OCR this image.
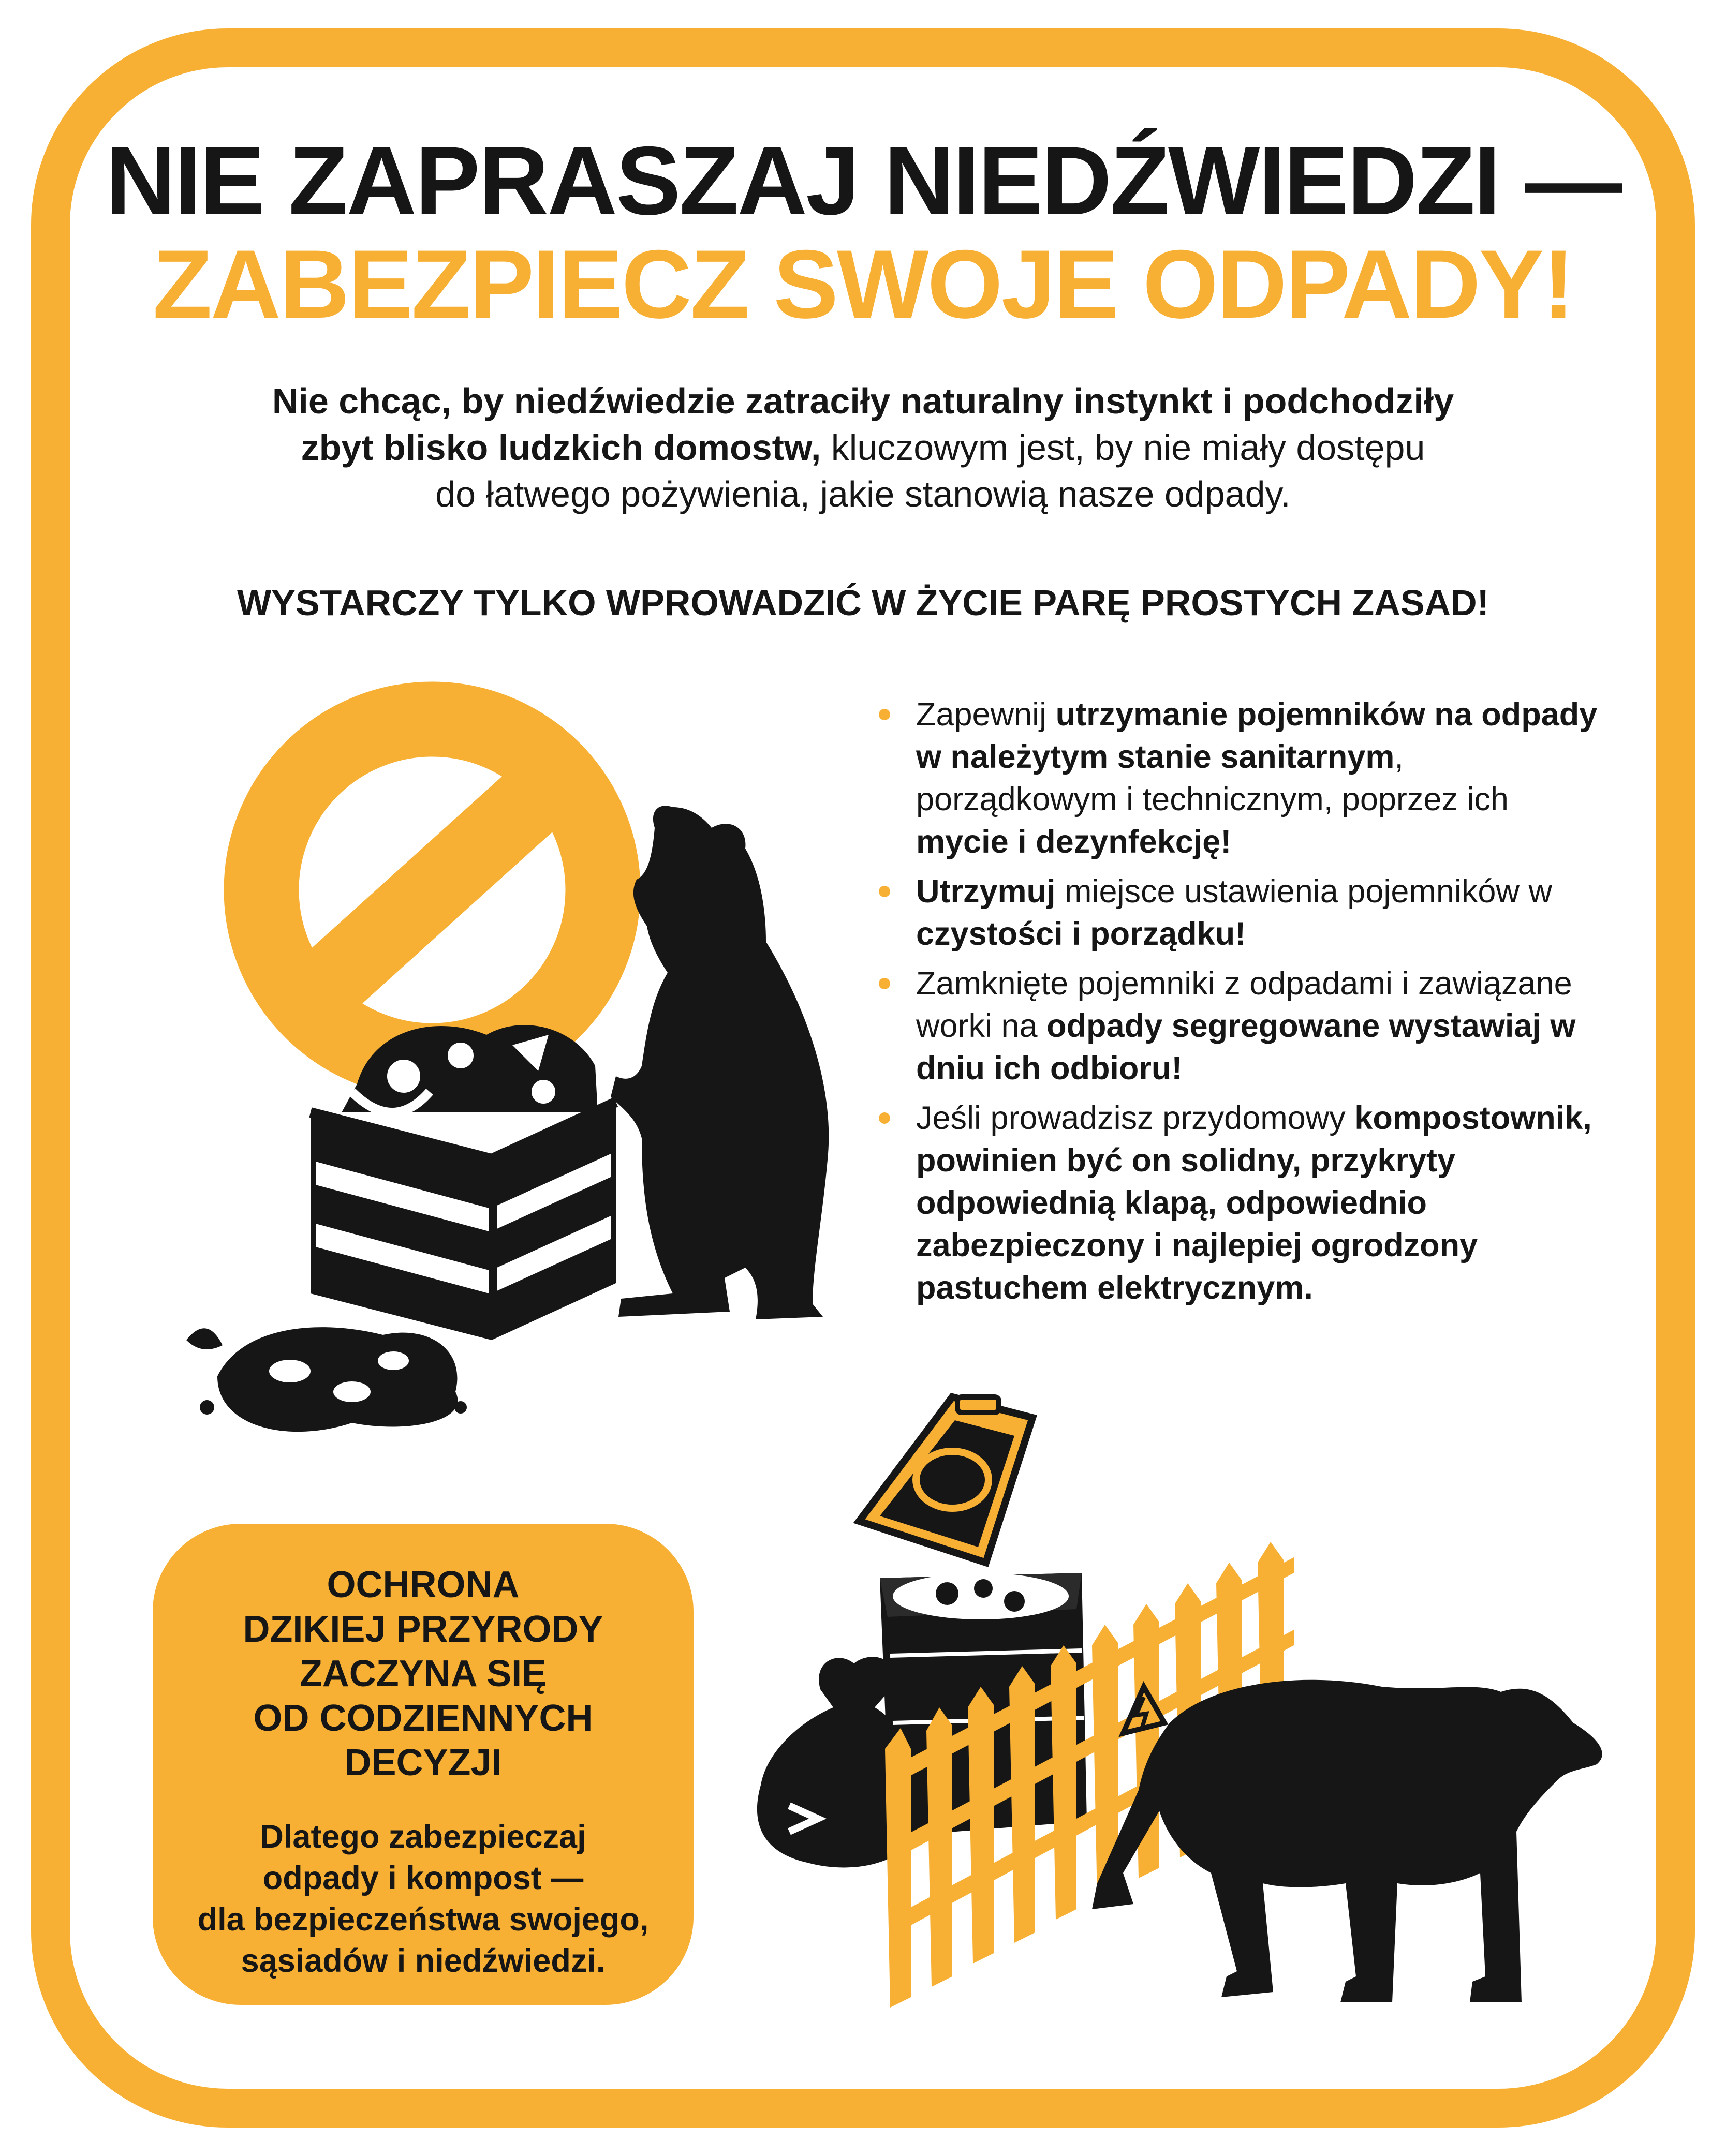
NIE ZAPRASZAJ NIEDŹWIEDZI —
ZABEZPIECZ SWOJE ODPADY!
Nie chcąc, by niedźwiedzie zatraciły naturalny instynkt i podchodziły
zbyt blisko ludzkich domostw, kluczowym jest, by nie miały dostępu
do łatwego pożywienia, jakie stanowią nasze odpady.
WYSTARCZY TYLKO WPROWADZIĆ W ŻYCIE PARĘ PROSTYCH ZASAD!
Zapewnij utrzymanie pojemników na odpady w należytym stanie sanitarnym, porządkowym i technicznym, poprzez ich mycie i dezynfekcję!
Utrzymuj miejsce ustawienia pojemników w czystości i porządku!
Zamknięte pojemniki z odpadami i zawiązane worki na odpady segregowane wystawiaj w dniu ich odbioru!
Jeśli prowadzisz przydomowy kompostownik, powinien być on solidny, przykryty odpowiednią klapą, odpowiednio zabezpieczony i najlepiej ogrodzony pastuchem elektrycznym.
OCHRONA
DZIKIEJ PRZYRODY
ZACZYNA SIĘ
OD CODZIENNYCH
DECYZJI
Dlatego zabezpieczaj
odpady i kompost —
dla bezpieczeństwa swojego,
sąsiadów i niedźwiedzi.
